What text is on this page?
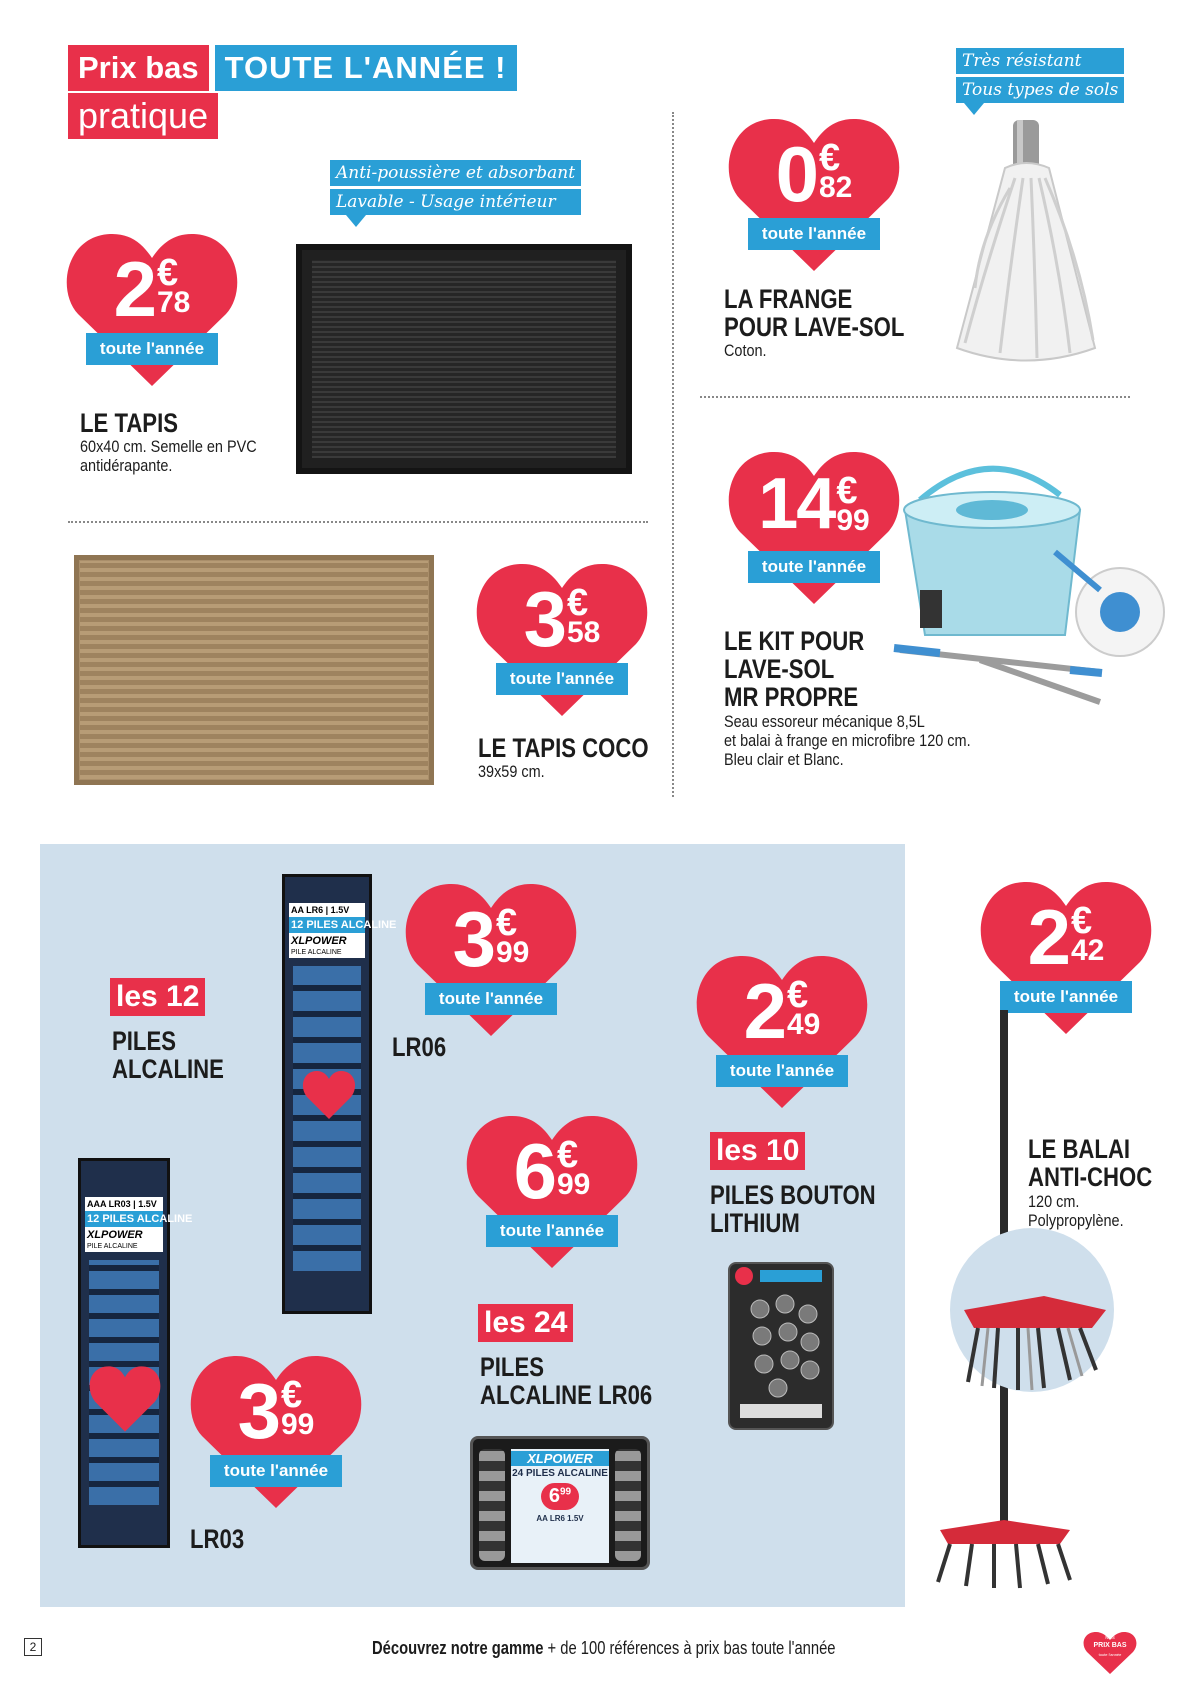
Prix bas TOUTE L'ANNÉE !
pratique
Anti-poussière et absorbant
Lavable - Usage intérieur
2 €
78
toute l'année
LE TAPIS
60x40 cm. Semelle en PVC
antidérapante.
Très résistant
Tous types de sols
0 €
82
toute l'année
LA FRANGE
POUR LAVE-SOL
Coton.
3 €
58
toute l'année
LE TAPIS COCO
39x59 cm.
14 €
99
toute l'année
LE KIT POUR
LAVE-SOL
MR PROPRE
Seau essoreur mécanique 8,5L
et balai à frange en microfibre 120 cm.
Bleu clair et Blanc.
AA LR6 | 1.5V
12 PILES ALCALINE
XLPOWER
PILE ALCALINE
AAA LR03 | 1.5V
12 PILES ALCALINE
XLPOWER
PILE ALCALINE
les 12
PILES
ALCALINE
3 €
99
toute l'année
LR06
3 €
99
toute l'année
LR03
6 €
99
toute l'année
les 24
PILES
ALCALINE LR06
XLPOWER
24 PILES ALCALINE
$6^{99}$
AA LR6 1.5V
2 €
49
toute l'année
les 10
PILES BOUTON
LITHIUM
2 €
42
toute l'année
LE BALAI
ANTI-CHOC
120 cm.
Polypropylène.
2	Découvrez notre gamme + de 100 références à prix bas toute l'année	Mes
PRIX BAS
toute l'année
